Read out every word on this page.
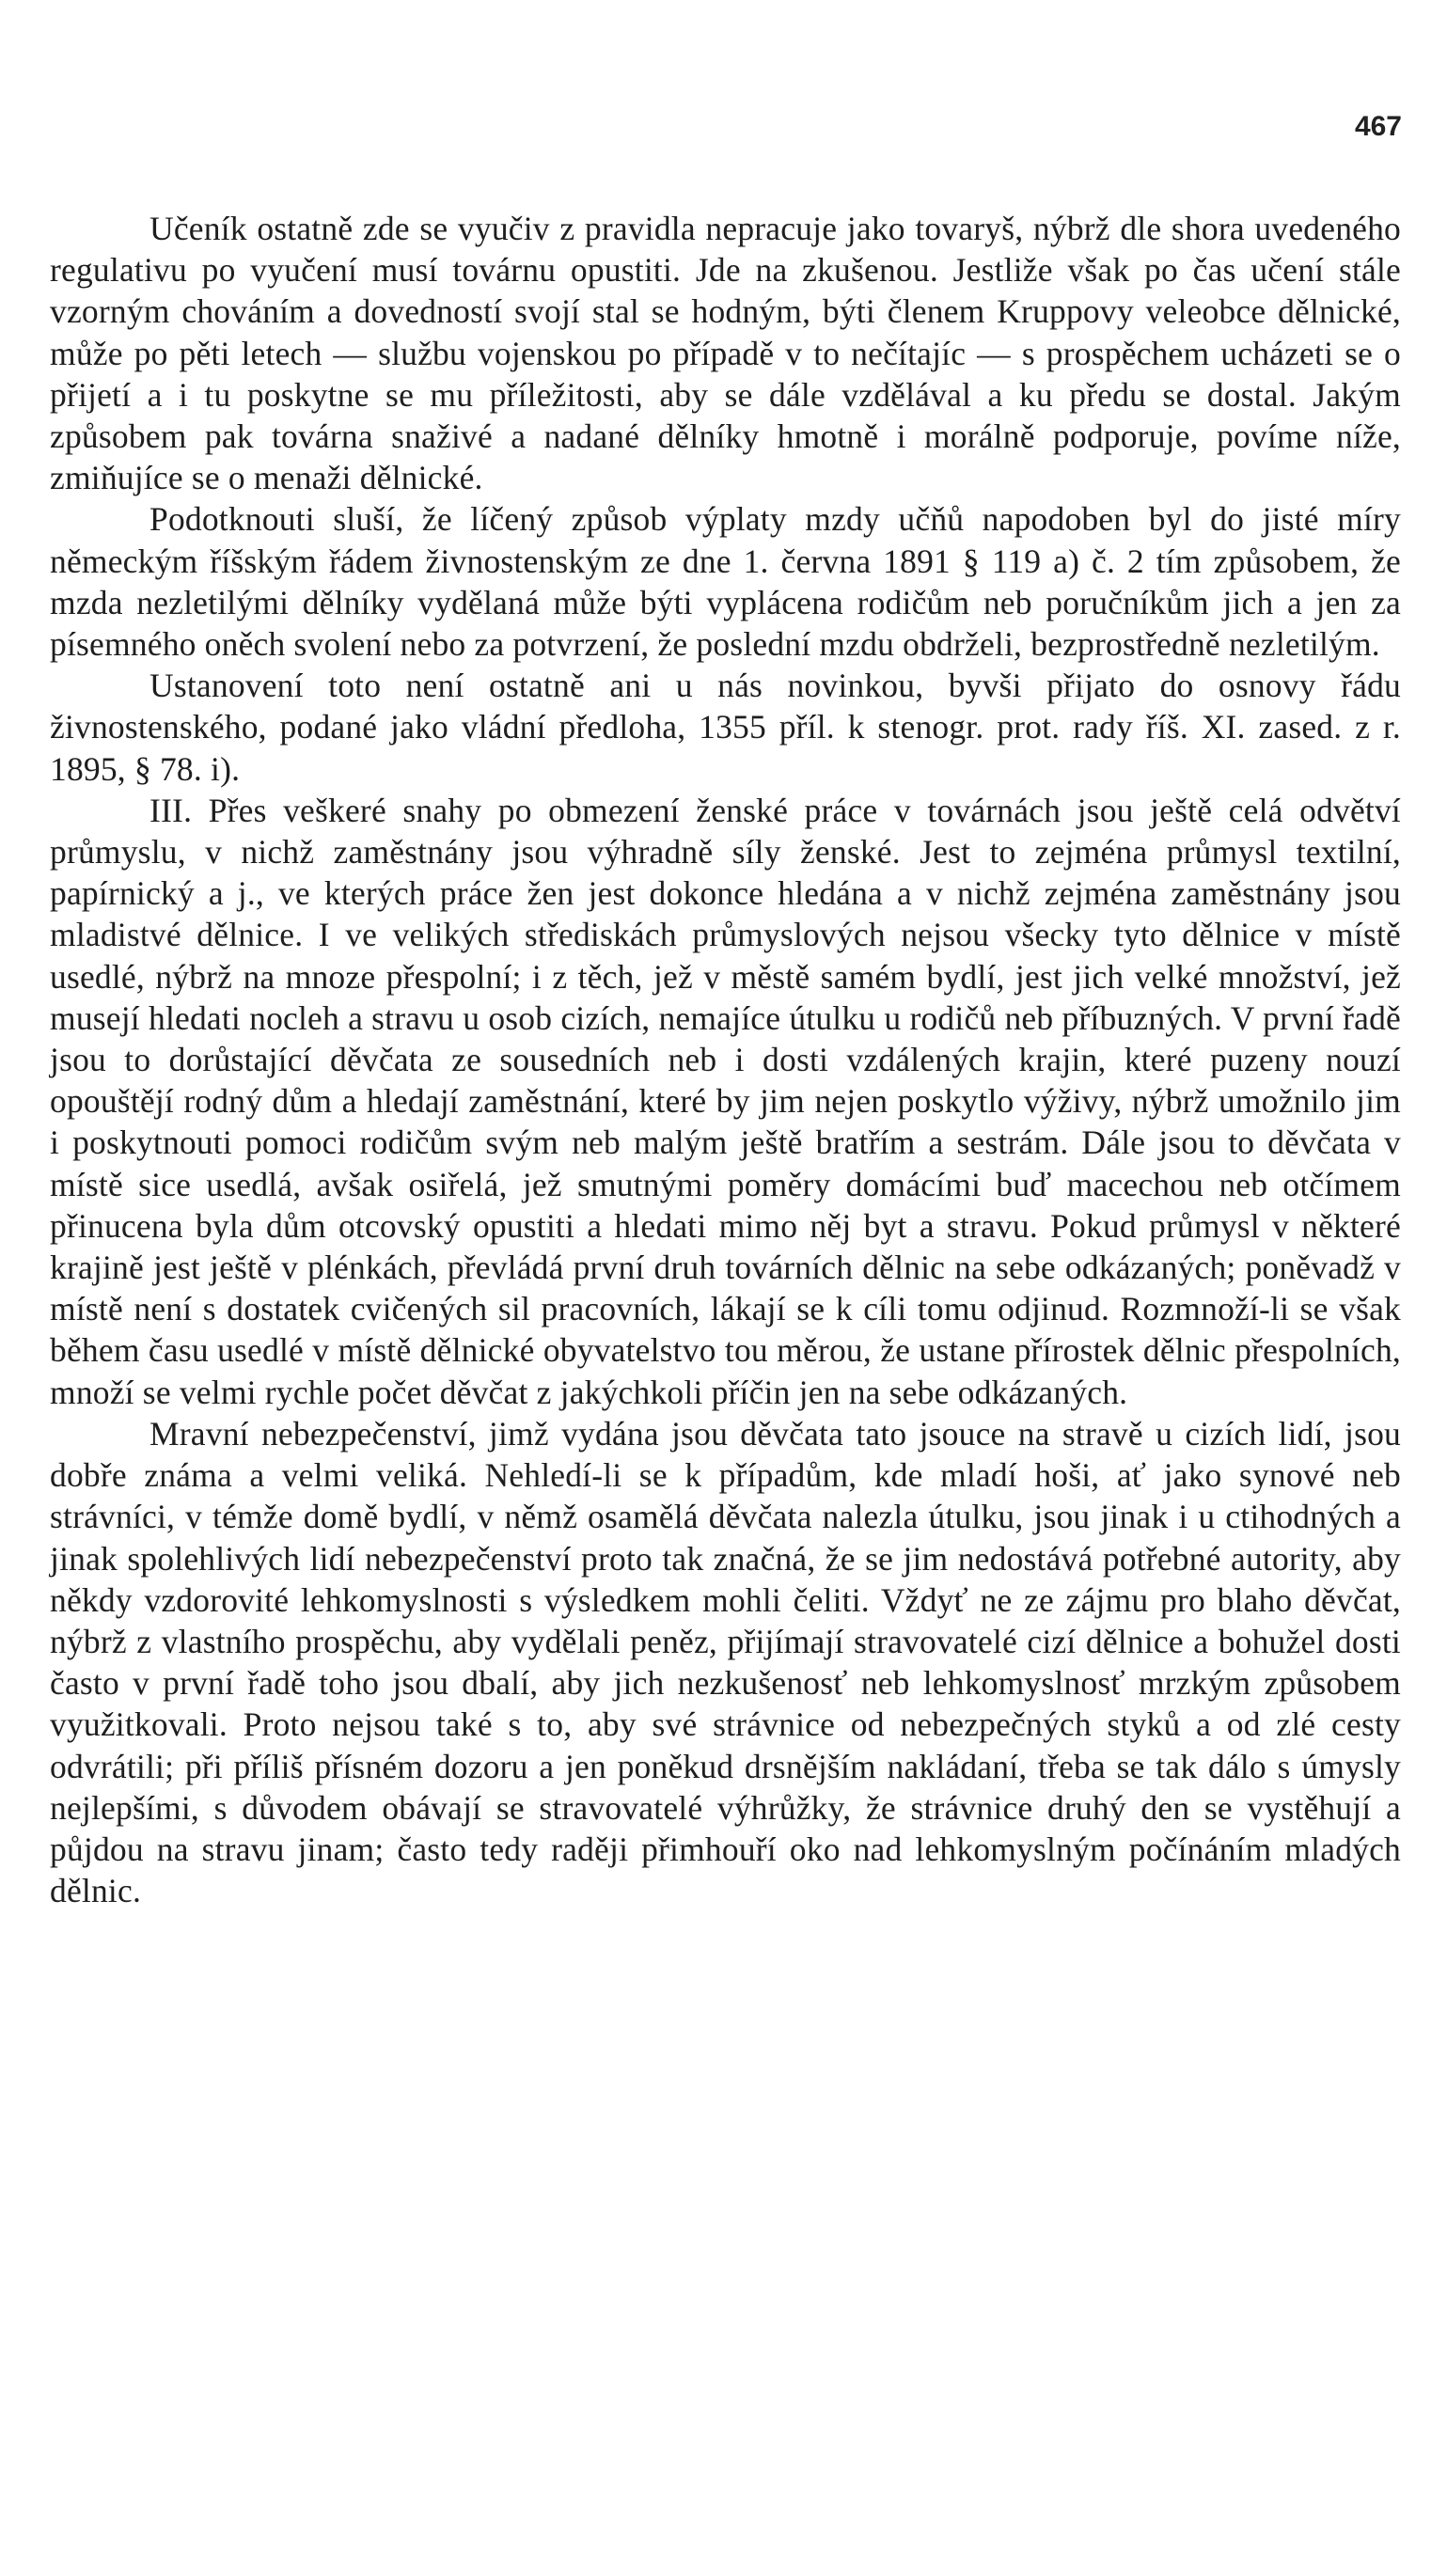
467

Učeník ostatně zde se vyučiv z pravidla nepracuje jako tovaryš, nýbrž dle shora uvedeného regulativu po vyučení musí továrnu opustiti. Jde na zkušenou. Jestliže však po čas učení stále vzorným chováním a dovedností svojí stal se hodným, býti členem Kruppovy veleobce dělnické, může po pěti letech — službu vojenskou po případě v to nečítajíc — s prospěchem ucházeti se o přijetí a i tu poskytne se mu příležitosti, aby se dále vzdělával a ku předu se dostal. Jakým způsobem pak továrna snaživé a nadané dělníky hmotně i morálně podporuje, povíme níže, zmiňujíce se o menaži dělnické.

Podotknouti sluší, že líčený způsob výplaty mzdy učňů napodoben byl do jisté míry německým říšským řádem živnostenským ze dne 1. června 1891 § 119 a) č. 2 tím způsobem, že mzda nezletilými dělníky vydělaná může býti vyplácena rodičům neb poručníkům jich a jen za písemného oněch svolení nebo za potvrzení, že poslední mzdu obdrželi, bezprostředně nezletilým.

Ustanovení toto není ostatně ani u nás novinkou, byvši přijato do osnovy řádu živnostenského, podané jako vládní předloha, 1355 příl. k stenogr. prot. rady říš. XI. zased. z r. 1895, § 78. i).

III. Přes veškeré snahy po obmezení ženské práce v továrnách jsou ještě celá odvětví průmyslu, v nichž zaměstnány jsou výhradně síly ženské. Jest to zejména průmysl textilní, papírnický a j., ve kterých práce žen jest dokonce hledána a v nichž zejména zaměstnány jsou mladistvé dělnice. I ve velikých střediskách průmyslových nejsou všecky tyto dělnice v místě usedlé, nýbrž na mnoze přespolní; i z těch, jež v městě samém bydlí, jest jich velké množství, jež musejí hledati nocleh a stravu u osob cizích, nemajíce útulku u rodičů neb příbuzných. V první řadě jsou to dorůstající děvčata ze sousedních neb i dosti vzdálených krajin, které puzeny nouzí opouštějí rodný dům a hledají zaměstnání, které by jim nejen poskytlo výživy, nýbrž umožnilo jim i poskytnouti pomoci rodičům svým neb malým ještě bratřím a sestrám. Dále jsou to děvčata v místě sice usedlá, avšak osiřelá, jež smutnými poměry domácími buď macechou neb otčímem přinucena byla dům otcovský opustiti a hledati mimo něj byt a stravu. Pokud průmysl v některé krajině jest ještě v plénkách, převládá první druh továrních dělnic na sebe odkázaných; poněvadž v místě není s dostatek cvičených sil pracovních, lákají se k cíli tomu odjinud. Rozmnoží-li se však během času usedlé v místě dělnické obyvatelstvo tou měrou, že ustane přírostek dělnic přespolních, množí se velmi rychle počet děvčat z jakýchkoli příčin jen na sebe odkázaných.

Mravní nebezpečenství, jimž vydána jsou děvčata tato jsouce na stravě u cizích lidí, jsou dobře známa a velmi veliká. Nehledí-li se k případům, kde mladí hoši, ať jako synové neb strávníci, v témže domě bydlí, v němž osamělá děvčata nalezla útulku, jsou jinak i u ctihodných a jinak spolehlivých lidí nebezpečenství proto tak značná, že se jim nedostává potřebné autority, aby někdy vzdorovité lehkomyslnosti s výsledkem mohli čeliti. Vždyť ne ze zájmu pro blaho děvčat, nýbrž z vlastního prospěchu, aby vydělali peněz, přijímají stravovatelé cizí dělnice a bohužel dosti často v první řadě toho jsou dbalí, aby jich nezkušenosť neb lehkomyslnosť mrzkým způsobem využitkovali. Proto nejsou také s to, aby své strávnice od nebezpečných styků a od zlé cesty odvrátili; při příliš přísném dozoru a jen poněkud drsnějším nakládaní, třeba se tak dálo s úmysly nejlepšími, s důvodem obávají se stravovatelé výhrůžky, že strávnice druhý den se vystěhují a půjdou na stravu jinam; často tedy raději přimhouří oko nad lehkomyslným počínáním mladých dělnic.
